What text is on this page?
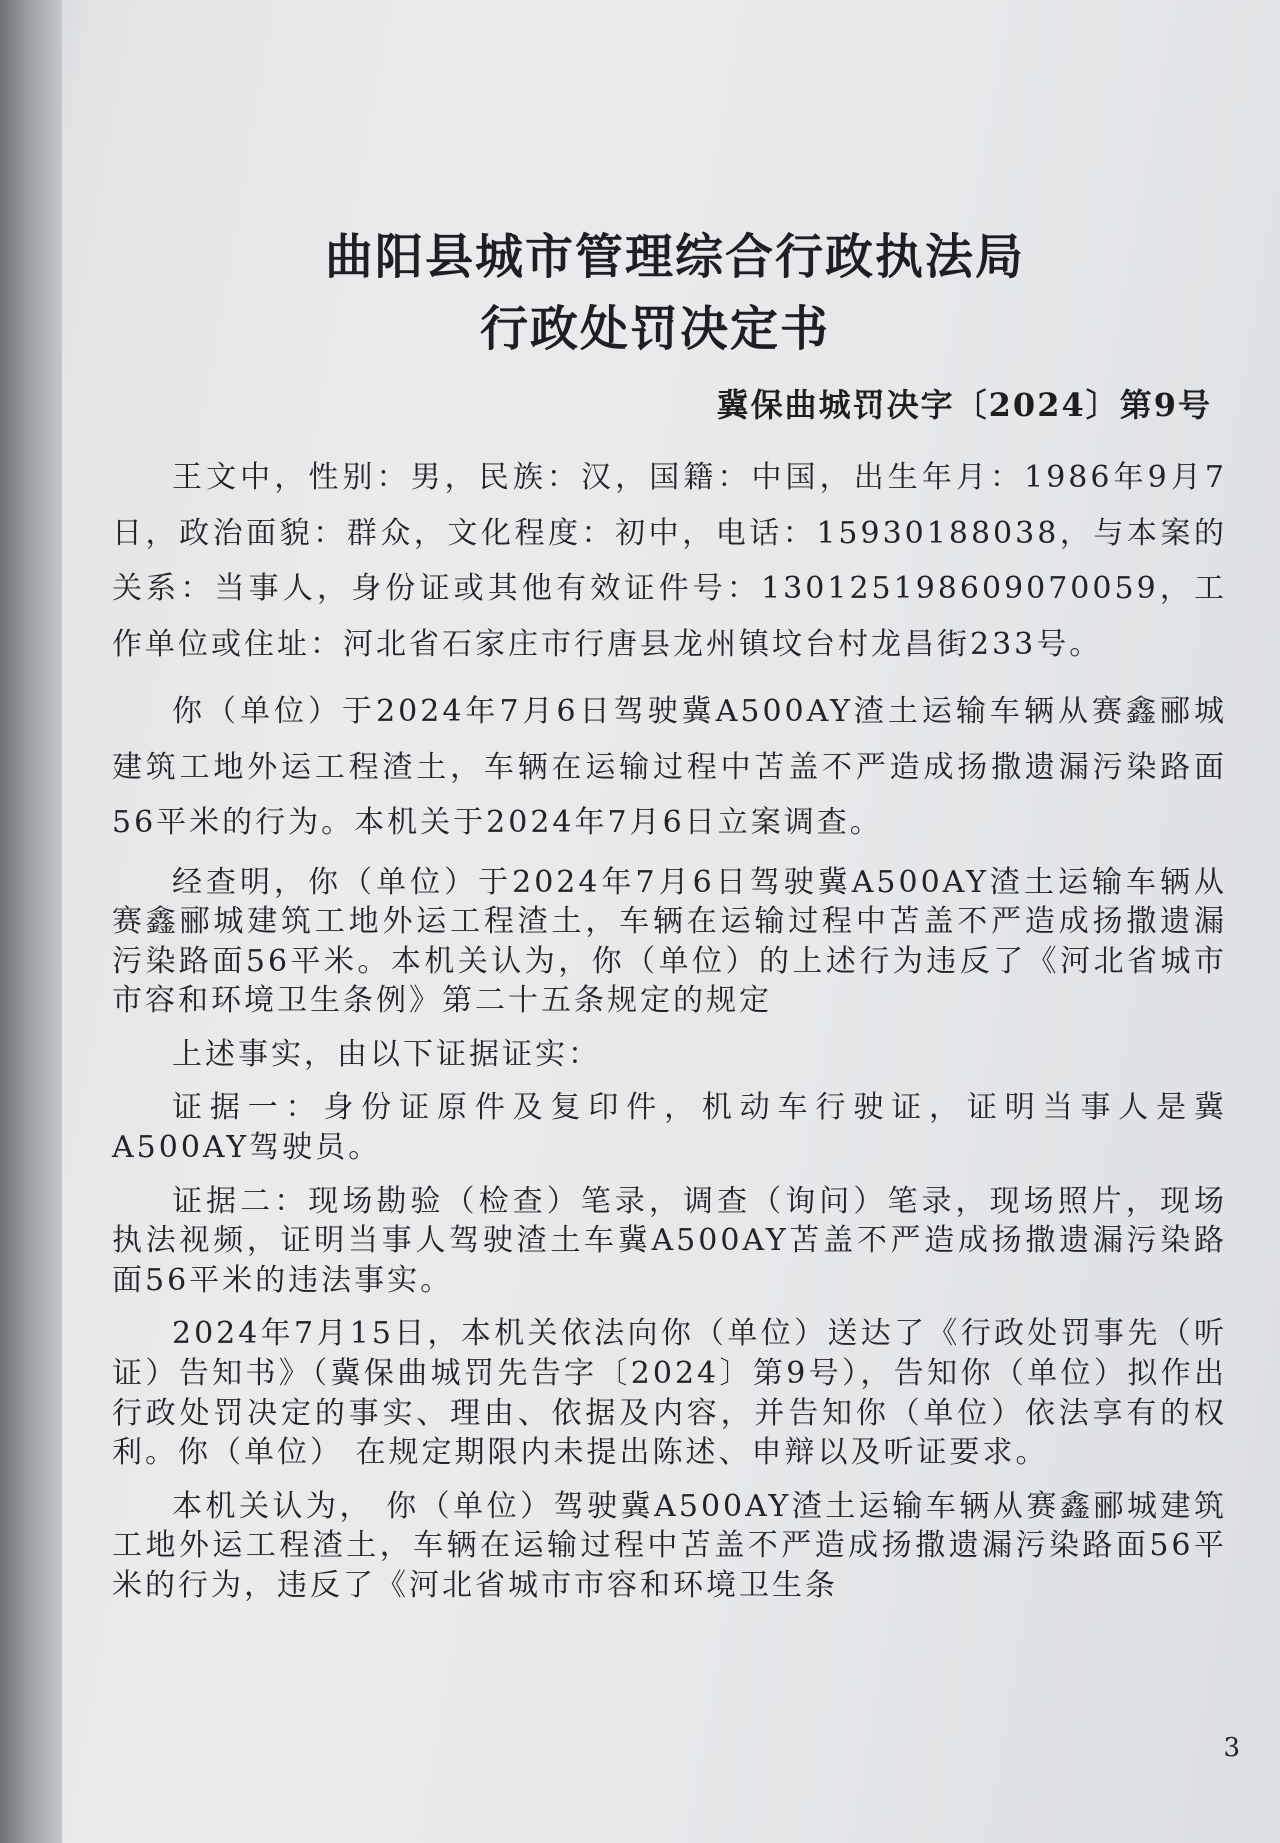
曲阳县城市管理综合行政执法局
行政处罚决定书
冀保曲城罚决字〔2024〕第9号

王文中，性别：男，民族：汉，国籍：中国，出生年月：1986年9月7日，政治面貌：群众，文化程度：初中，电话：15930188038，与本案的关系：当事人，身份证或其他有效证件号：130125198609070059，工作单位或住址：河北省石家庄市行唐县龙州镇坟台村龙昌街233号。

你（单位）于2024年7月6日驾驶冀A500AY渣土运输车辆从赛鑫郦城建筑工地外运工程渣土，车辆在运输过程中苫盖不严造成扬撒遗漏污染路面56平米的行为。本机关于2024年7月6日立案调查。

经查明，你（单位）于2024年7月6日驾驶冀A500AY渣土运输车辆从赛鑫郦城建筑工地外运工程渣土，车辆在运输过程中苫盖不严造成扬撒遗漏污染路面56平米。本机关认为，你（单位）的上述行为违反了《河北省城市市容和环境卫生条例》第二十五条规定的规定

上述事实，由以下证据证实：

证据一：身份证原件及复印件，机动车行驶证，证明当事人是冀A500AY驾驶员。

证据二：现场勘验（检查）笔录，调查（询问）笔录，现场照片，现场执法视频，证明当事人驾驶渣土车冀A500AY苫盖不严造成扬撒遗漏污染路面56平米的违法事实。

2024年7月15日，本机关依法向你（单位）送达了《行政处罚事先（听证）告知书》（冀保曲城罚先告字〔2024〕第9号），告知你（单位）拟作出行政处罚决定的事实、理由、依据及内容，并告知你（单位）依法享有的权利。你（单位） 在规定期限内未提出陈述、申辩以及听证要求。

本机关认为， 你（单位）驾驶冀A500AY渣土运输车辆从赛鑫郦城建筑工地外运工程渣土，车辆在运输过程中苫盖不严造成扬撒遗漏污染路面56平米的行为，违反了《河北省城市市容和环境卫生条

3
